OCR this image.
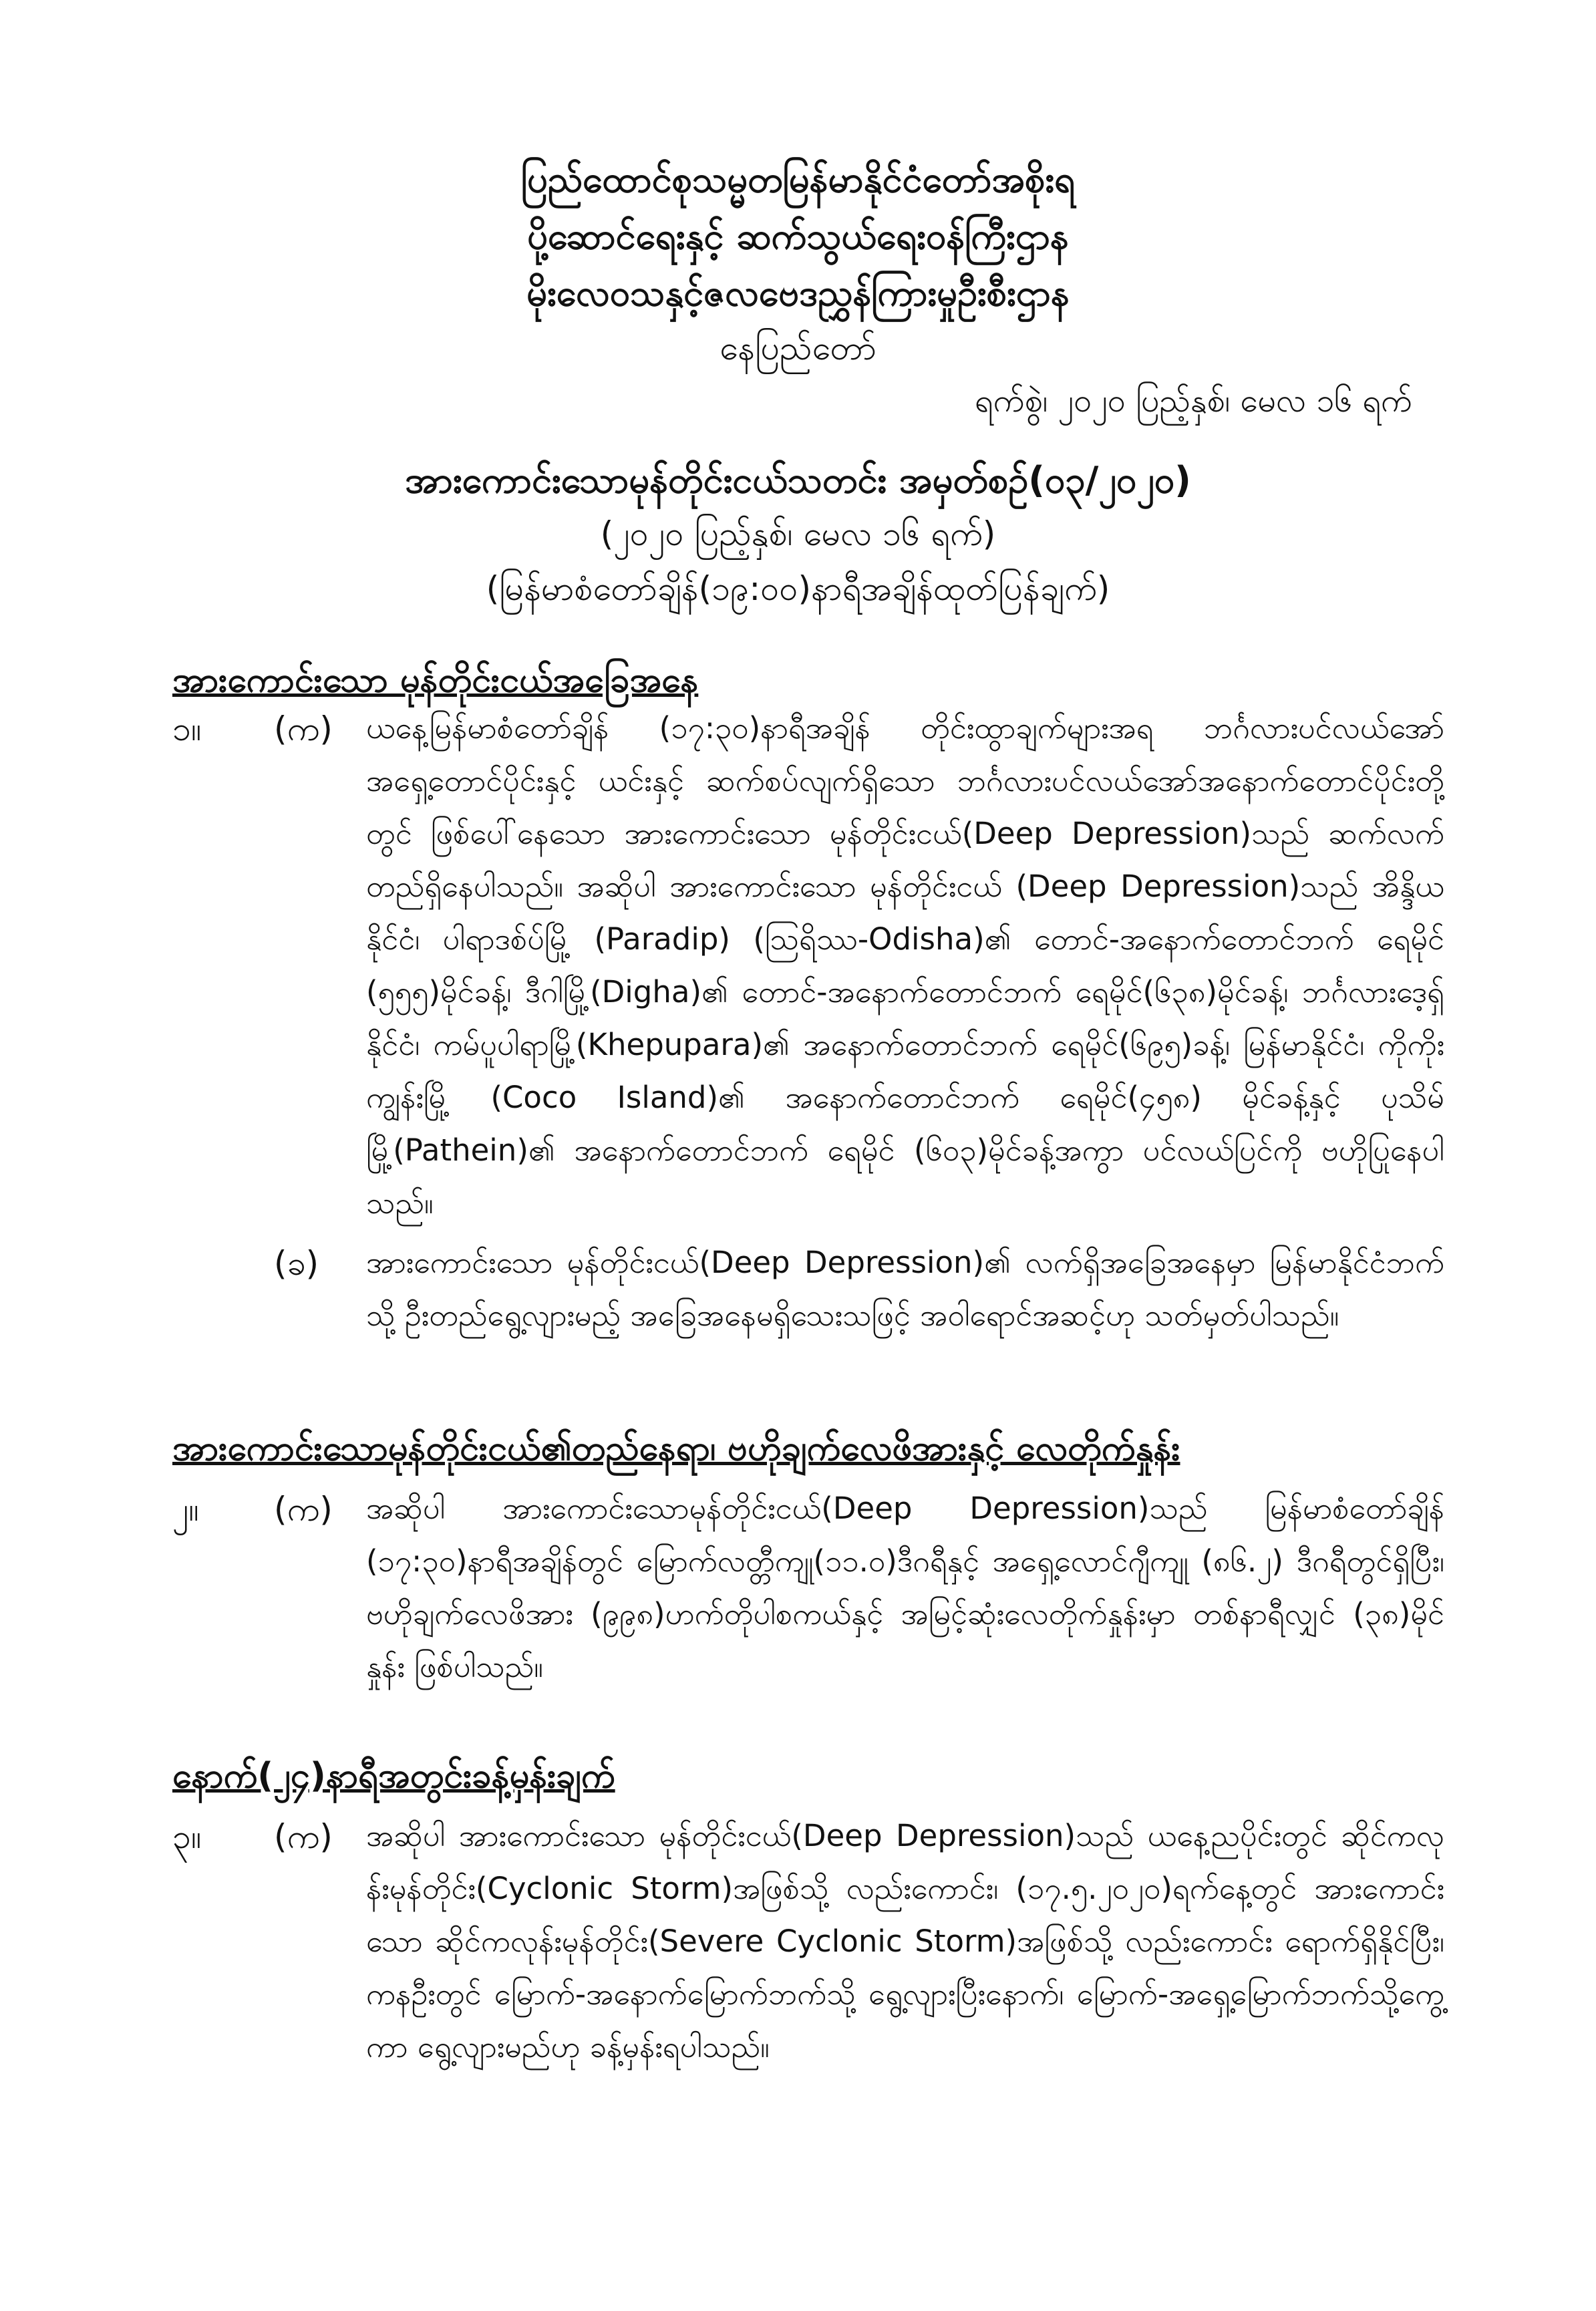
ပြည်ထောင်စုသမ္မတမြန်မာနိုင်ငံတော်အစိုးရ
ပို့ဆောင်ရေးနှင့် ဆက်သွယ်ရေးဝန်ကြီးဌာန
မိုးလေဝသနှင့်ဇလဗေဒညွှန်ကြားမှုဦးစီးဌာန
နေပြည်တော်
ရက်စွဲ၊ ၂၀၂၀ ပြည့်နှစ်၊ မေလ ၁၆ ရက်
အားကောင်းသောမုန်တိုင်းငယ်သတင်း အမှတ်စဉ်(၀၃/၂၀၂၀)
(၂၀၂၀ ပြည့်နှစ်၊ မေလ ၁၆ ရက်)
(မြန်မာစံတော်ချိန်(၁၉:၀၀)နာရီအချိန်ထုတ်ပြန်ချက်)
အားကောင်းသော မုန်တိုင်းငယ်အခြေအနေ
၁။ (က) ယနေ့မြန်မာစံတော်ချိန် (၁၇:၃၀)နာရီအချိန် တိုင်းထွာချက်များအရ ဘင်္ဂလားပင်လယ်အော်အရှေ့တောင်ပိုင်းနှင့် ယင်းနှင့် ဆက်စပ်လျက်ရှိသော ဘင်္ဂလားပင်လယ်အော်အနောက်တောင်ပိုင်းတို့တွင် ဖြစ်ပေါ်နေသော အားကောင်းသော မုန်တိုင်းငယ်(Deep Depression)သည် ဆက်လက်တည်ရှိနေပါသည်။ အဆိုပါ အားကောင်းသော မုန်တိုင်းငယ် (Deep Depression)သည် အိန္ဒိယနိုင်ငံ၊ ပါရာဒစ်ပ်မြို့ (Paradip) (ဩရိဿ-Odisha)၏ တောင်-အနောက်တောင်ဘက် ရေမိုင် (၅၅၅)မိုင်ခန့်၊ ဒီဂါမြို့(Digha)၏ တောင်-အနောက်တောင်ဘက် ရေမိုင်(၆၃၈)မိုင်ခန့်၊ ဘင်္ဂလားဒေ့ရှ်နိုင်ငံ၊ ကမ်ပူပါရာမြို့(Khepupara)၏ အနောက်တောင်ဘက် ရေမိုင်(၆၉၅)ခန့်၊ မြန်မာနိုင်ငံ၊ ကိုကိုးကျွန်းမြို့ (Coco Island)၏ အနောက်တောင်ဘက် ရေမိုင်(၄၅၈) မိုင်ခန့်နှင့် ပုသိမ်မြို့(Pathein)၏ အနောက်တောင်ဘက် ရေမိုင် (၆၀၃)မိုင်ခန့်အကွာ ပင်လယ်ပြင်ကို ဗဟိုပြုနေပါ သည်။

(ခ) အားကောင်းသော မုန်တိုင်းငယ်(Deep Depression)၏ လက်ရှိအခြေအနေမှာ မြန်မာနိုင်ငံဘက်သို့ ဦးတည်ရွေ့လျားမည့် အခြေအနေမရှိသေးသဖြင့် အဝါရောင်အဆင့်ဟု သတ်မှတ်ပါသည်။

အားကောင်းသောမုန်တိုင်းငယ်၏တည်နေရာ၊ ဗဟိုချက်လေဖိအားနှင့် လေတိုက်နှုန်း
၂။ (က) အဆိုပါ အားကောင်းသောမုန်တိုင်းငယ်(Deep Depression)သည် မြန်မာစံတော်ချိန် (၁၇:၃၀)နာရီအချိန်တွင် မြောက်လတ္တီကျု(၁၁.၀)ဒီဂရီနှင့် အရှေ့လောင်ဂျီကျု (၈၆.၂) ဒီဂရီတွင်ရှိပြီး၊ ဗဟိုချက်လေဖိအား (၉၉၈)ဟက်တိုပါစကယ်နှင့် အမြင့်ဆုံးလေတိုက်နှုန်းမှာ တစ်နာရီလျှင် (၃၈)မိုင်နှုန်း ဖြစ်ပါသည်။

နောက်(၂၄)နာရီအတွင်းခန့်မှန်းချက်
၃။ (က) အဆိုပါ အားကောင်းသော မုန်တိုင်းငယ်(Deep Depression)သည် ယနေ့ညပိုင်းတွင် ဆိုင်ကလုန်းမုန်တိုင်း(Cyclonic Storm)အဖြစ်သို့ လည်းကောင်း၊ (၁၇.၅.၂၀၂၀)ရက်နေ့တွင် အားကောင်းသော ဆိုင်ကလုန်းမုန်တိုင်း(Severe Cyclonic Storm)အဖြစ်သို့ လည်းကောင်း ရောက်ရှိနိုင်ပြီး၊ ကနဦးတွင် မြောက်-အနောက်မြောက်ဘက်သို့ ရွေ့လျားပြီးနောက်၊ မြောက်-အရှေ့မြောက်ဘက်သို့ကွေ့ကာ ရွေ့လျားမည်ဟု ခန့်မှန်းရပါသည်။
